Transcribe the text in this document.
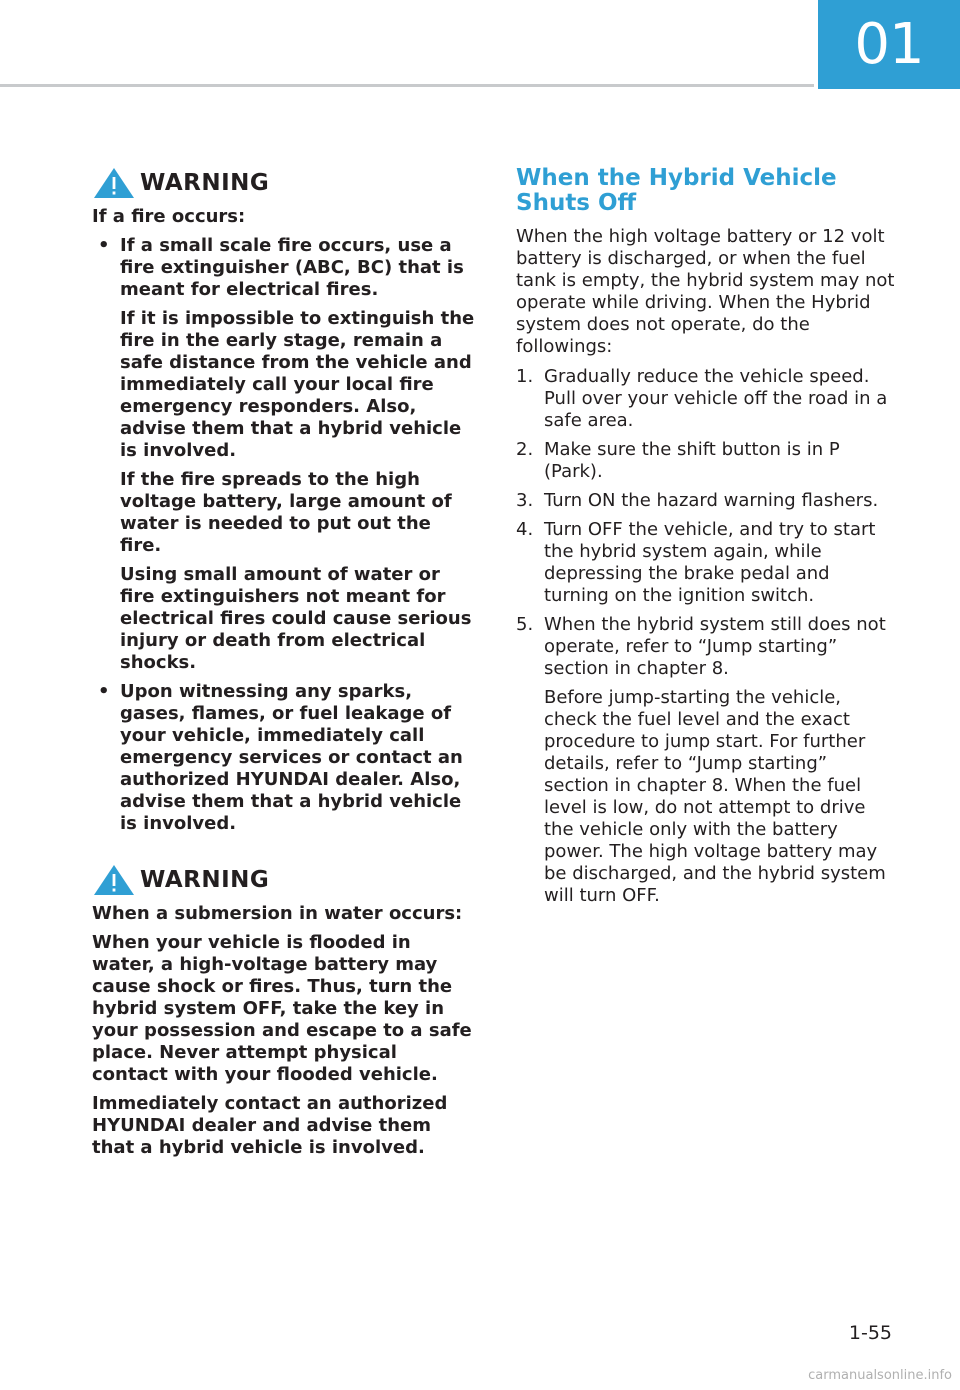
01
WARNING

If a fire occurs:

• If a small scale fire occurs, use a fire extinguisher (ABC, BC) that is meant for electrical fires.

If it is impossible to extinguish the fire in the early stage, remain a safe distance from the vehicle and immediately call your local fire emergency responders. Also, advise them that a hybrid vehicle is involved.

If the fire spreads to the high voltage battery, large amount of water is needed to put out the fire.

Using small amount of water or fire extinguishers not meant for electrical fires could cause serious injury or death from electrical shocks.

• Upon witnessing any sparks, gases, flames, or fuel leakage of your vehicle, immediately call emergency services or contact an authorized HYUNDAI dealer. Also, advise them that a hybrid vehicle is involved.

WARNING

When a submersion in water occurs:

When your vehicle is flooded in water, a high-voltage battery may cause shock or fires. Thus, turn the hybrid system OFF, take the key in your possession and escape to a safe place. Never attempt physical contact with your flooded vehicle.

Immediately contact an authorized HYUNDAI dealer and advise them that a hybrid vehicle is involved.

When the Hybrid Vehicle Shuts Off

When the high voltage battery or 12 volt battery is discharged, or when the fuel tank is empty, the hybrid system may not operate while driving. When the Hybrid system does not operate, do the followings:

1. Gradually reduce the vehicle speed. Pull over your vehicle off the road in a safe area.

2. Make sure the shift button is in P (Park).

3. Turn ON the hazard warning flashers.

4. Turn OFF the vehicle, and try to start the hybrid system again, while depressing the brake pedal and turning on the ignition switch.

5. When the hybrid system still does not operate, refer to “Jump starting” section in chapter 8.

Before jump-starting the vehicle, check the fuel level and the exact procedure to jump start. For further details, refer to “Jump starting” section in chapter 8. When the fuel level is low, do not attempt to drive the vehicle only with the battery power. The high voltage battery may be discharged, and the hybrid system will turn OFF.

1-55
carmanualsonline.info
